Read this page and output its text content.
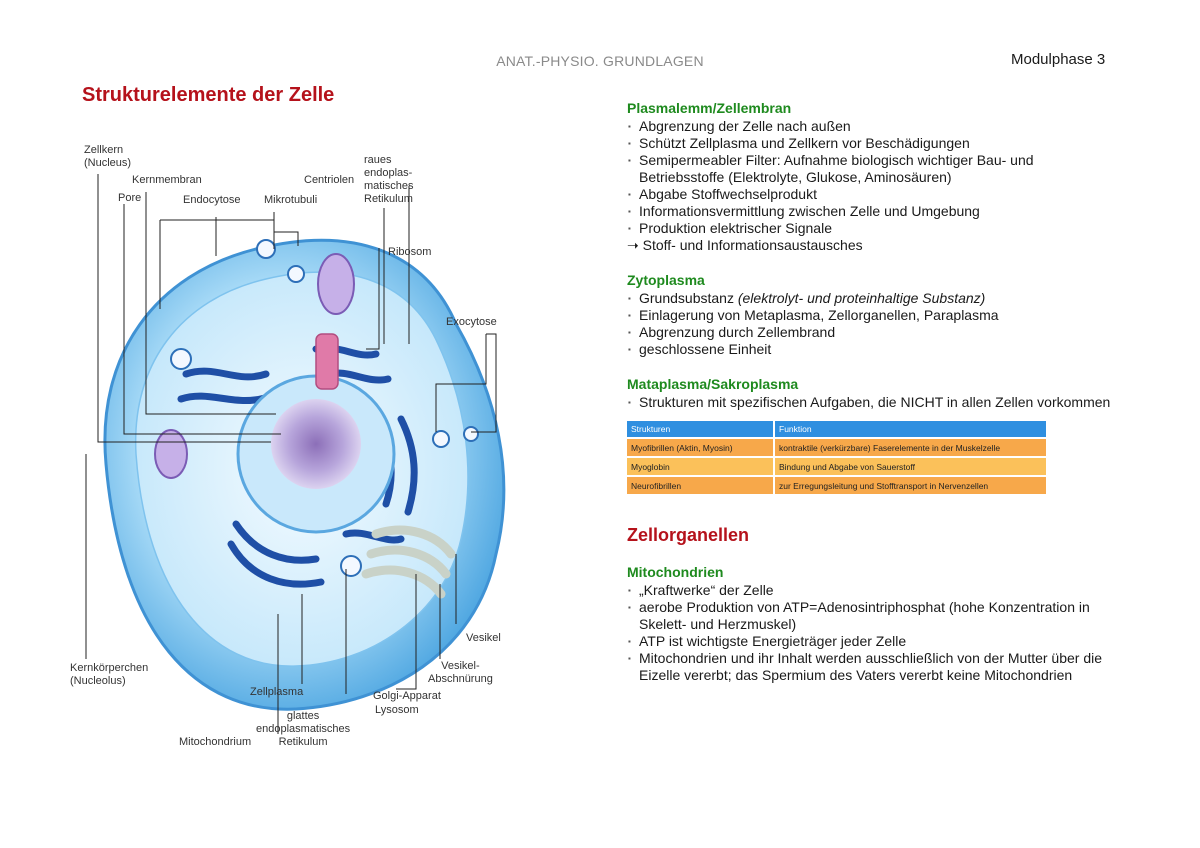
ANAT.-PHYSIO. GRUNDLAGEN	Modulphase 3
Strukturelemente der Zelle
Zellkern
(Nucleus)
Kernmembran
Pore	Endocytose Mikrotubuli
Centriolen
raues
endoplas-
matisches
Retikulum
Ribosom
Exocytose
Kernkörperchen
(Nucleolus)
Vesikel
Vesikel-
Abschnürung
Golgi-Apparat
Lysosom
Zellplasma
glattes
endoplasmatisches
Retikulum
Mitochondrium
Plasmalemm/Zellembran
▪ Abgrenzung der Zelle nach außen
▪ Schützt Zellplasma und Zellkern vor Beschädigungen
▪ Semipermeabler Filter: Aufnahme biologisch wichtiger Bau- und Betriebsstoffe (Elektrolyte, Glukose, Aminosäuren)
▪ Abgabe Stoffwechselprodukt
▪ Informationsvermittlung zwischen Zelle und Umgebung
▪ Produktion elektrischer Signale
➝ Stoff- und Informationsaustausches
Zytoplasma
▪ Grundsubstanz (elektrolyt- und proteinhaltige Substanz)
▪ Einlagerung von Metaplasma, Zellorganellen, Paraplasma
▪ Abgrenzung durch Zellembrand
▪ geschlossene Einheit
Mataplasma/Sakroplasma
▪ Strukturen mit spezifischen Aufgaben, die NICHT in allen Zellen vorkommen
Strukturen	Funktion
Myofibrillen (Aktin, Myosin)	kontraktile (verkürzbare) Faserelemente in der Muskelzelle
Myoglobin	Bindung und Abgabe von Sauerstoff
Neurofibrillen	zur Erregungsleitung und Stofftransport in Nervenzellen
Zellorganellen
Mitochondrien
▪ „Kraftwerke“ der Zelle
▪ aerobe Produktion von ATP=Adenosintriphosphat (hohe Konzentration in Skelett- und Herzmuskel)
▪ ATP ist wichtigste Energieträger jeder Zelle
▪ Mitochondrien und ihr Inhalt werden ausschließlich von der Mutter über die Eizelle vererbt; das Spermium des Vaters vererbt keine Mitochondrien
